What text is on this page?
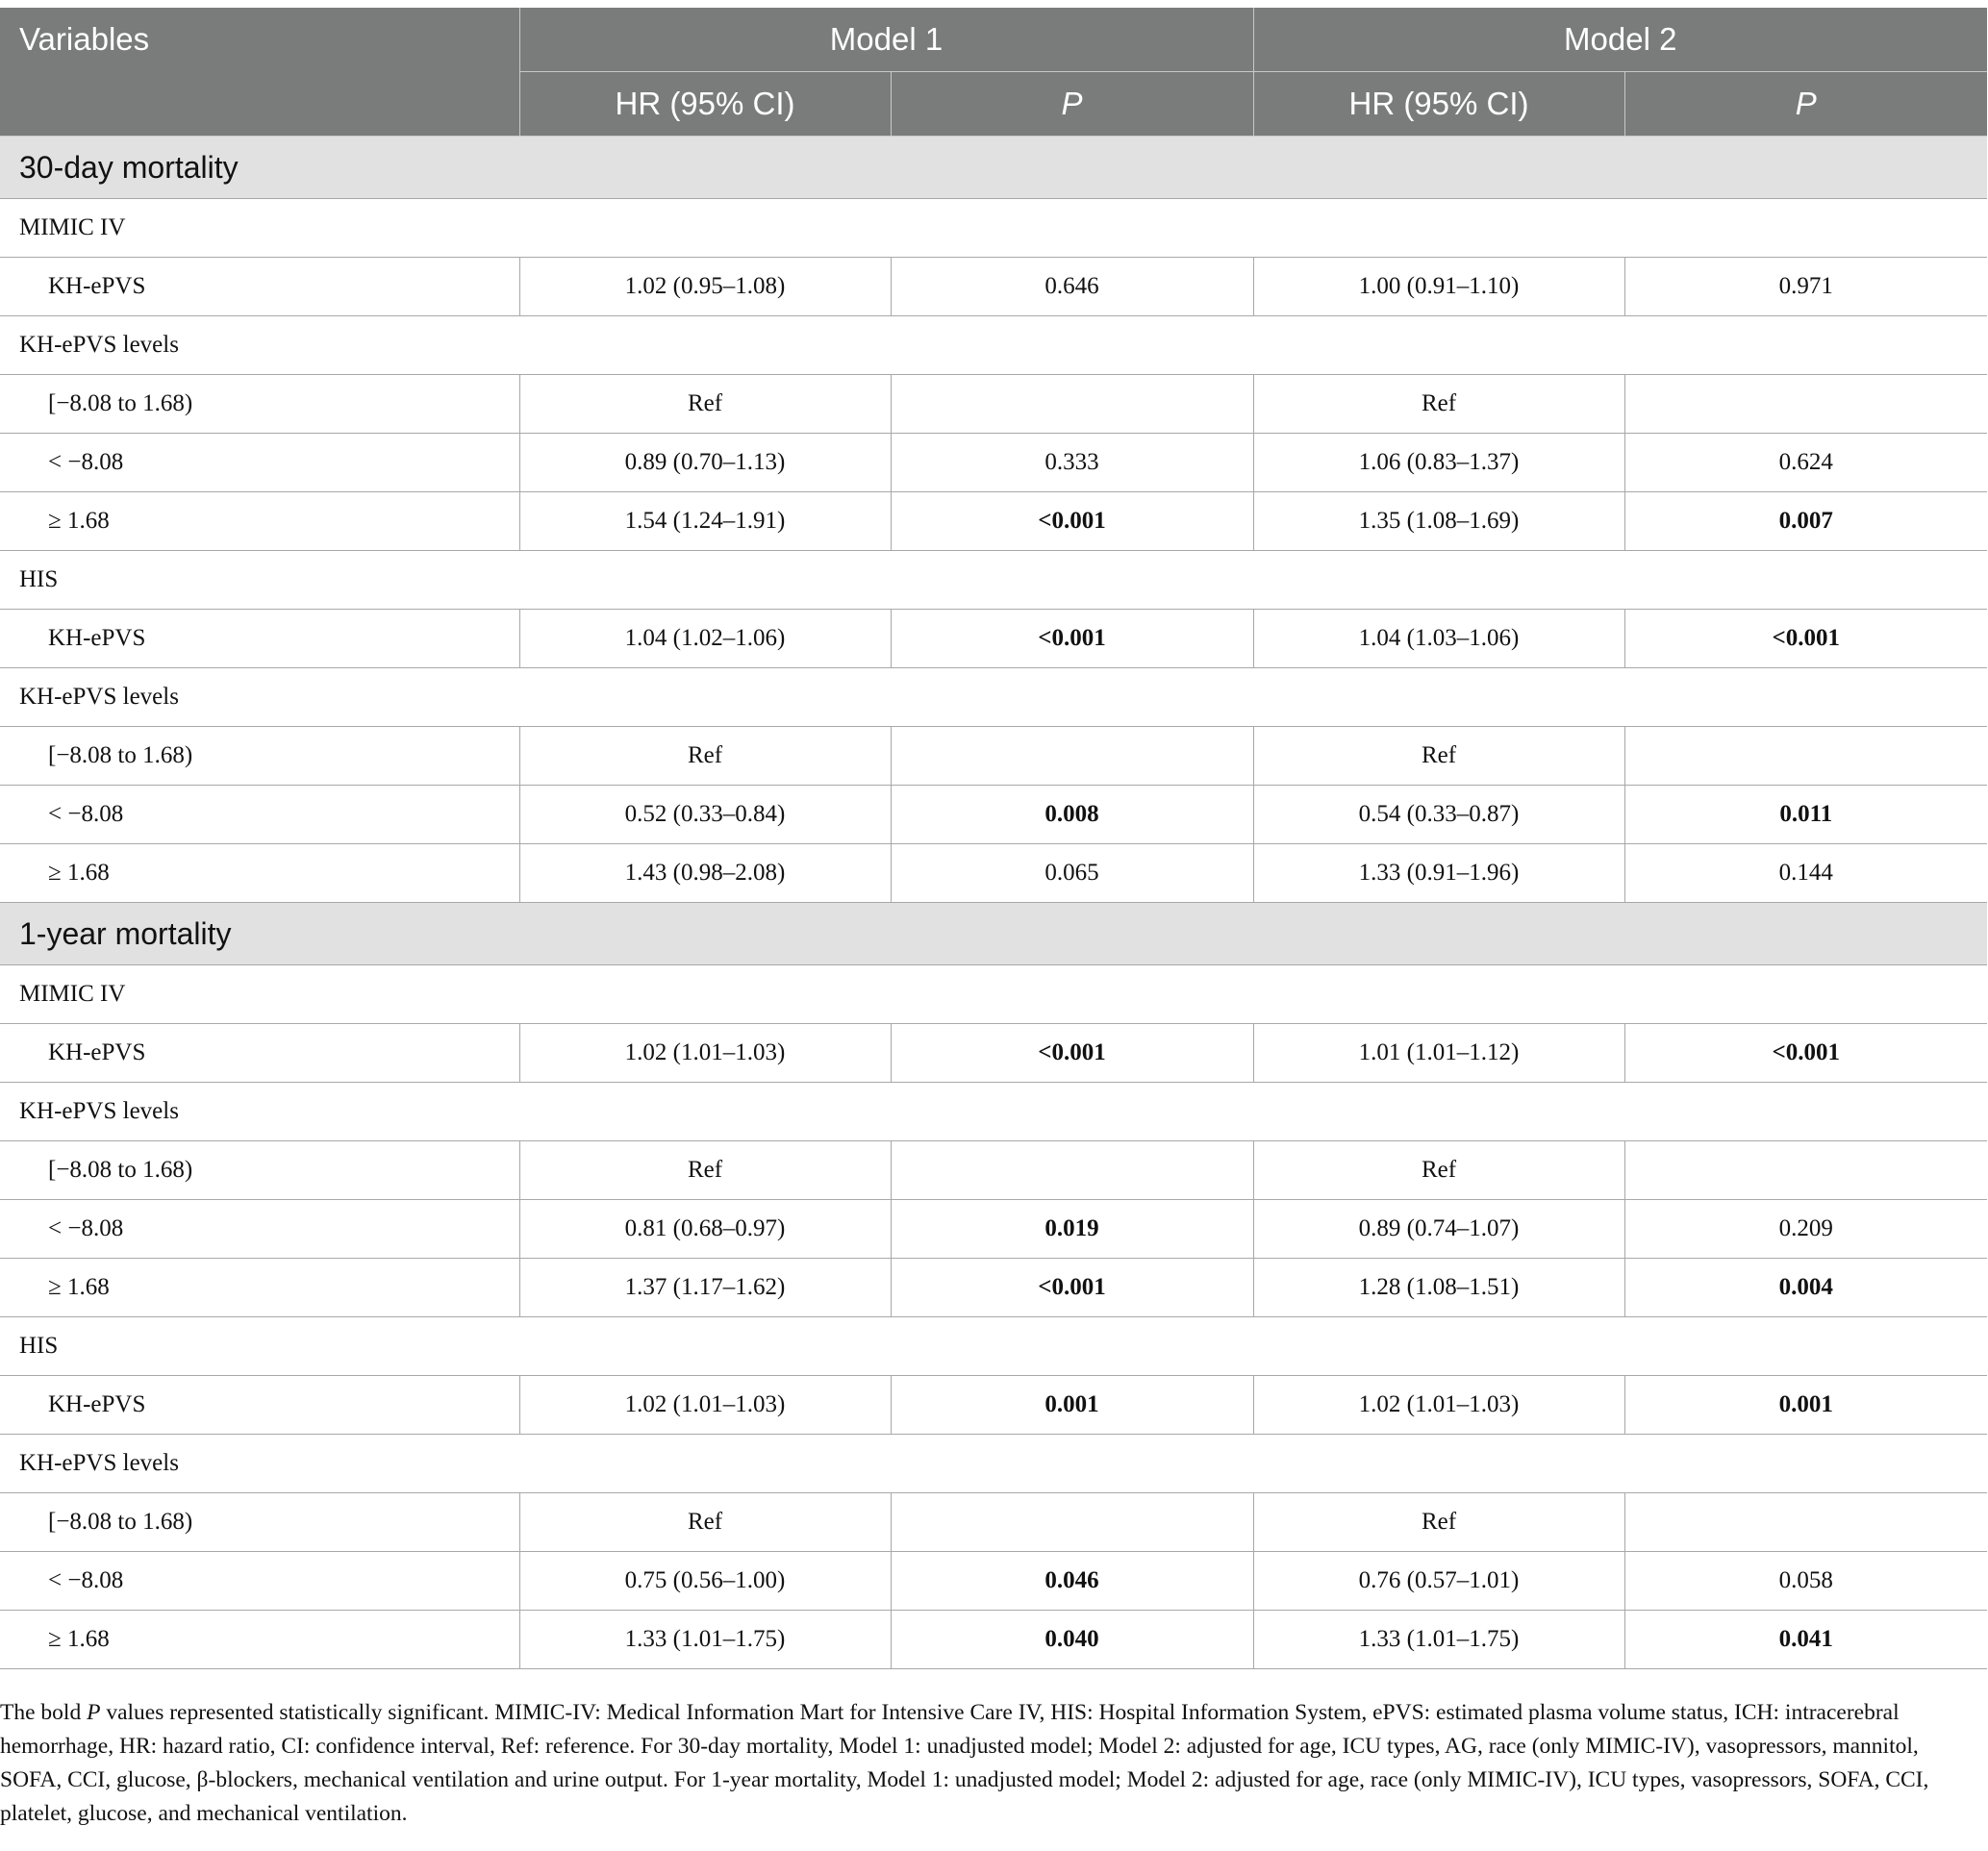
Variables	Model 1		Model 2	
	HR (95% CI)	P	HR (95% CI)	P
30-day mortality				
MIMIC IV				
KH-ePVS	1.02 (0.95–1.08)	0.646	1.00 (0.91–1.10)	0.971
KH-ePVS levels				
[−8.08 to 1.68)	Ref		Ref	
< −8.08	0.89 (0.70–1.13)	0.333	1.06 (0.83–1.37)	0.624
≥ 1.68	1.54 (1.24–1.91)	<0.001	1.35 (1.08–1.69)	0.007
HIS				
KH-ePVS	1.04 (1.02–1.06)	<0.001	1.04 (1.03–1.06)	<0.001
KH-ePVS levels				
[−8.08 to 1.68)	Ref		Ref	
< −8.08	0.52 (0.33–0.84)	0.008	0.54 (0.33–0.87)	0.011
≥ 1.68	1.43 (0.98–2.08)	0.065	1.33 (0.91–1.96)	0.144
1-year mortality				
MIMIC IV				
KH-ePVS	1.02 (1.01–1.03)	<0.001	1.01 (1.01–1.12)	<0.001
KH-ePVS levels				
[−8.08 to 1.68)	Ref		Ref	
< −8.08	0.81 (0.68–0.97)	0.019	0.89 (0.74–1.07)	0.209
≥ 1.68	1.37 (1.17–1.62)	<0.001	1.28 (1.08–1.51)	0.004
HIS				
KH-ePVS	1.02 (1.01–1.03)	0.001	1.02 (1.01–1.03)	0.001
KH-ePVS levels				
[−8.08 to 1.68)	Ref		Ref	
< −8.08	0.75 (0.56–1.00)	0.046	0.76 (0.57–1.01)	0.058
≥ 1.68	1.33 (1.01–1.75)	0.040	1.33 (1.01–1.75)	0.041
The bold P values represented statistically significant. MIMIC-IV: Medical Information Mart for Intensive Care IV, HIS: Hospital Information System, ePVS: estimated plasma volume status, ICH: intracerebral hemorrhage, HR: hazard ratio, CI: confidence interval, Ref: reference. For 30-day mortality, Model 1: unadjusted model; Model 2: adjusted for age, ICU types, AG, race (only MIMIC-IV), vasopressors, mannitol, SOFA, CCI, glucose, β-blockers, mechanical ventilation and urine output. For 1-year mortality, Model 1: unadjusted model; Model 2: adjusted for age, race (only MIMIC-IV), ICU types, vasopressors, SOFA, CCI, platelet, glucose, and mechanical ventilation.
